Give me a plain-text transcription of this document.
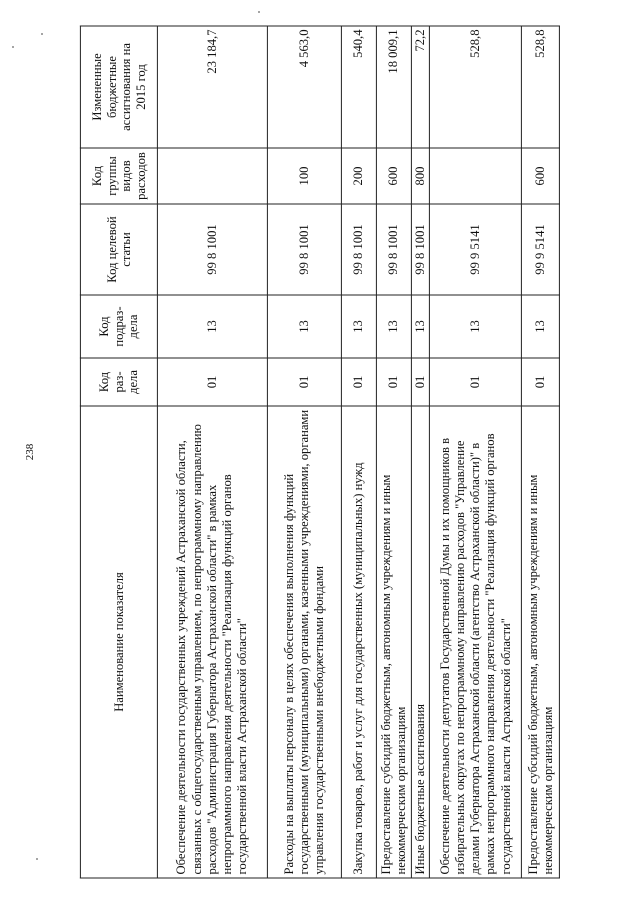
238
Наименование показателя	Код раз-дела	Код подраз-дела	Код целевой статьи	Код группы видов расходов	Измененные бюджетные ассигнования на 2015 год
Обеспечение деятельности государственных учреждений Астраханской области, связанных с общегосударственным управлением, по непрограммному направлению расходов "Администрация Губернатора Астраханской области" в рамках непрограммного направления деятельности "Реализация функций органов государственной власти Астраханской области"	01	13	99 8 1001		23 184,7
Расходы на выплаты персоналу в целях обеспечения выполнения функций государственными (муниципальными) органами, казенными учреждениями, органами управления государственными внебюджетными фондами	01	13	99 8 1001	100	4 563,0
Закупка товаров, работ и услуг для государственных (муниципальных) нужд	01	13	99 8 1001	200	540,4
Предоставление субсидий бюджетным, автономным учреждениям и иным некоммерческим организациям	01	13	99 8 1001	600	18 009,1
Иные бюджетные ассигнования	01	13	99 8 1001	800	72,2
Обеспечение деятельности депутатов Государственной Думы и их помощников в избирательных округах по непрограммному направлению расходов "Управление делами Губернатора Астраханской области (агентство Астраханской области)" в рамках непрограммного направления деятельности "Реализация функций органов государственной власти Астраханской области"	01	13	99 9 5141		528,8
Предоставление субсидий бюджетным, автономным учреждениям и иным некоммерческим организациям	01	13	99 9 5141	600	528,8
